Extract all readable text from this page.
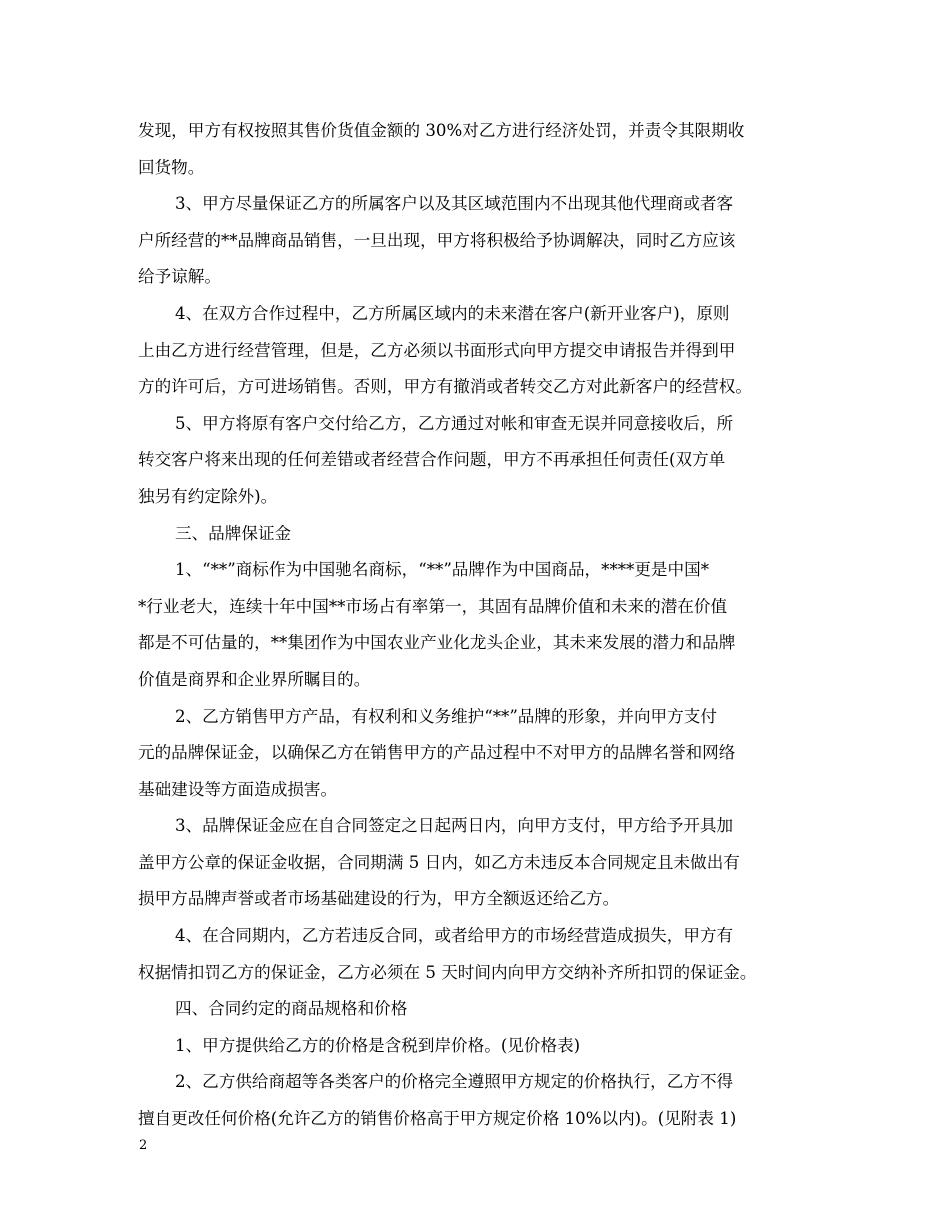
发现，甲方有权按照其售价货值金额的 30%对乙方进行经济处罚，并责令其限期收
回货物。
3、甲方尽量保证乙方的所属客户以及其区域范围内不出现其他代理商或者客
户所经营的**品牌商品销售，一旦出现，甲方将积极给予协调解决，同时乙方应该
给予谅解。
4、在双方合作过程中，乙方所属区域内的未来潜在客户(新开业客户)，原则
上由乙方进行经营管理，但是，乙方必须以书面形式向甲方提交申请报告并得到甲
方的许可后，方可进场销售。否则，甲方有撤消或者转交乙方对此新客户的经营权。
5、甲方将原有客户交付给乙方，乙方通过对帐和审查无误并同意接收后，所
转交客户将来出现的任何差错或者经营合作问题，甲方不再承担任何责任(双方单
独另有约定除外)。
三、品牌保证金
1、“**”商标作为中国驰名商标，“**”品牌作为中国商品，****更是中国*
*行业老大，连续十年中国**市场占有率第一，其固有品牌价值和未来的潜在价值
都是不可估量的，**集团作为中国农业产业化龙头企业，其未来发展的潜力和品牌
价值是商界和企业界所瞩目的。
2、乙方销售甲方产品，有权利和义务维护“**”品牌的形象，并向甲方支付
元的品牌保证金，以确保乙方在销售甲方的产品过程中不对甲方的品牌名誉和网络
基础建设等方面造成损害。
3、品牌保证金应在自合同签定之日起两日内，向甲方支付，甲方给予开具加
盖甲方公章的保证金收据，合同期满 5 日内，如乙方未违反本合同规定且未做出有
损甲方品牌声誉或者市场基础建设的行为，甲方全额返还给乙方。
4、在合同期内，乙方若违反合同，或者给甲方的市场经营造成损失，甲方有
权据情扣罚乙方的保证金，乙方必须在 5 天时间内向甲方交纳补齐所扣罚的保证金。
四、合同约定的商品规格和价格
1、甲方提供给乙方的价格是含税到岸价格。(见价格表)
2、乙方供给商超等各类客户的价格完全遵照甲方规定的价格执行，乙方不得
擅自更改任何价格(允许乙方的销售价格高于甲方规定价格 10%以内)。(见附表 1)
2
